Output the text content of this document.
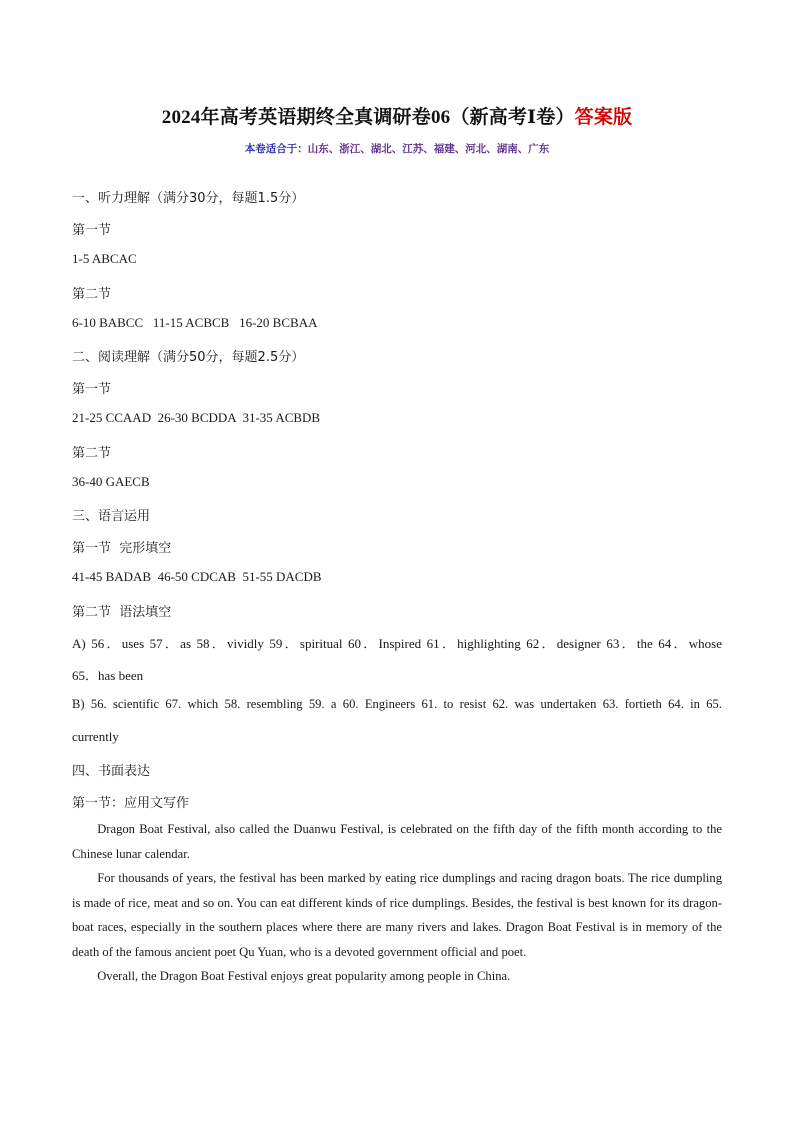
2024年高考英语期终全真调研卷06（新高考Ⅰ卷）答案版
本卷适合于：山东、浙江、湖北、江苏、福建、河北、湖南、广东
一、听力理解（满分30分，每题1.5分）
第一节
1-5 ABCAC
第二节
6-10 BABCC   11-15 ACBCB   16-20 BCBAA
二、阅读理解（满分50分，每题2.5分）
第一节
21-25 CCAAD  26-30 BCDDA  31-35 ACBDB
第二节
36-40 GAECB
三、语言运用
第一节  完形填空
41-45 BADAB  46-50 CDCAB  51-55 DACDB
第二节  语法填空
A) 56．uses 57．as 58．vividly 59．spiritual 60．Inspired 61．highlighting 62．designer 63．the 64．whose
65．has been
B) 56. scientific 67. which 58. resembling 59. a 60. Engineers 61. to resist 62. was undertaken 63. fortieth 64. in 65.
currently
四、书面表达
第一节：应用文写作

Dragon Boat Festival, also called the Duanwu Festival, is celebrated on the fifth day of the fifth month according to the Chinese lunar calendar.

For thousands of years, the festival has been marked by eating rice dumplings and racing dragon boats. The rice dumpling is made of rice, meat and so on. You can eat different kinds of rice dumplings. Besides, the festival is best known for its dragon-boat races, especially in the southern places where there are many rivers and lakes. Dragon Boat Festival is in memory of the death of the famous ancient poet Qu Yuan, who is a devoted government official and poet.

Overall, the Dragon Boat Festival enjoys great popularity among people in China.
